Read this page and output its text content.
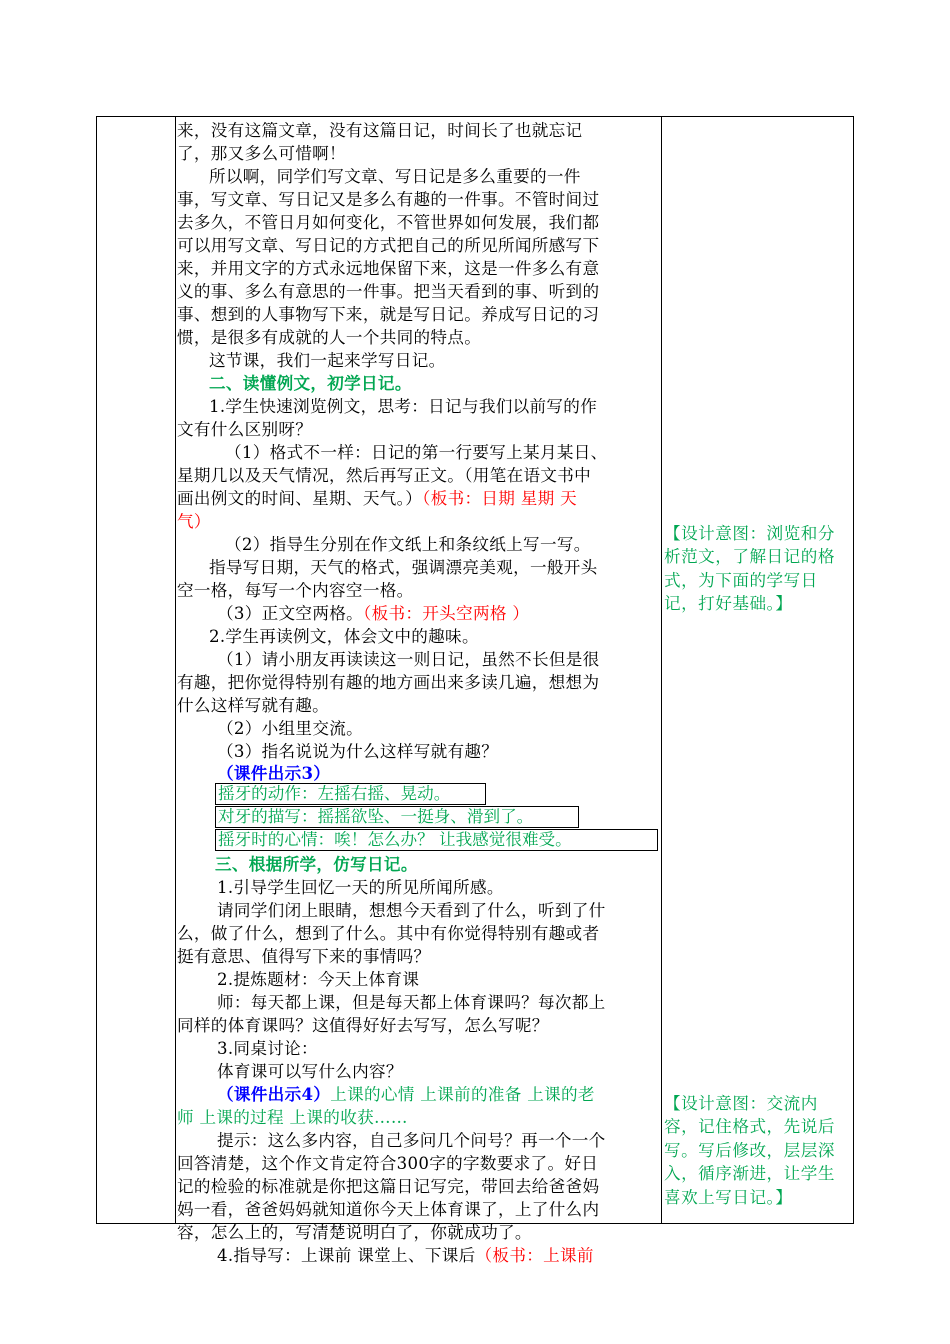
来，没有这篇文章，没有这篇日记，时间长了也就忘记
了，那又多么可惜啊！
所以啊，同学们写文章、写日记是多么重要的一件
事，写文章、写日记又是多么有趣的一件事。不管时间过
去多久，不管日月如何变化，不管世界如何发展，我们都
可以用写文章、写日记的方式把自己的所见所闻所感写下
来，并用文字的方式永远地保留下来，这是一件多么有意
义的事、多么有意思的一件事。把当天看到的事、听到的
事、想到的人事物写下来，就是写日记。养成写日记的习
惯，是很多有成就的人一个共同的特点。
这节课，我们一起来学写日记。
二、读懂例文，初学日记。
1.学生快速浏览例文，思考：日记与我们以前写的作
文有什么区别呀？
（1）格式不一样：日记的第一行要写上某月某日、
星期几以及天气情况，然后再写正文。（用笔在语文书中
画出例文的时间、星期、天气。）（板书：日期 星期 天
气）
（2）指导生分别在作文纸上和条纹纸上写一写。
指导写日期，天气的格式，强调漂亮美观，一般开头
空一格，每写一个内容空一格。
（3）正文空两格。（板书：开头空两格 ）
2.学生再读例文，体会文中的趣味。
（1）请小朋友再读读这一则日记，虽然不长但是很
有趣，把你觉得特别有趣的地方画出来多读几遍，想想为
什么这样写就有趣。
（2）小组里交流。
（3）指名说说为什么这样写就有趣？
（课件出示3）
摇牙的动作：左摇右摇、晃动。
对牙的描写：摇摇欲坠、一挺身、滑到了。
摇牙时的心情：唉！怎么办？ 让我感觉很难受。
三、根据所学，仿写日记。
1.引导学生回忆一天的所见所闻所感。
请同学们闭上眼睛，想想今天看到了什么，听到了什
么，做了什么，想到了什么。其中有你觉得特别有趣或者
挺有意思、值得写下来的事情吗？
2.提炼题材：今天上体育课
师：每天都上课，但是每天都上体育课吗？每次都上
同样的体育课吗？这值得好好去写写，怎么写呢？
3.同桌讨论：
体育课可以写什么内容？
（课件出示4）上课的心情 上课前的准备 上课的老
师 上课的过程 上课的收获……
提示：这么多内容，自己多问几个问号？再一个一个
回答清楚，这个作文肯定符合300字的字数要求了。好日
记的检验的标准就是你把这篇日记写完，带回去给爸爸妈
妈一看，爸爸妈妈就知道你今天上体育课了，上了什么内
容，怎么上的，写清楚说明白了，你就成功了。
4.指导写：上课前 课堂上、下课后（板书：上课前
【设计意图：浏览和分
析范文，了解日记的格
式，为下面的学写日
记，打好基础。】
【设计意图：交流内
容，记住格式，先说后
写。写后修改，层层深
入，循序渐进，让学生
喜欢上写日记。】
